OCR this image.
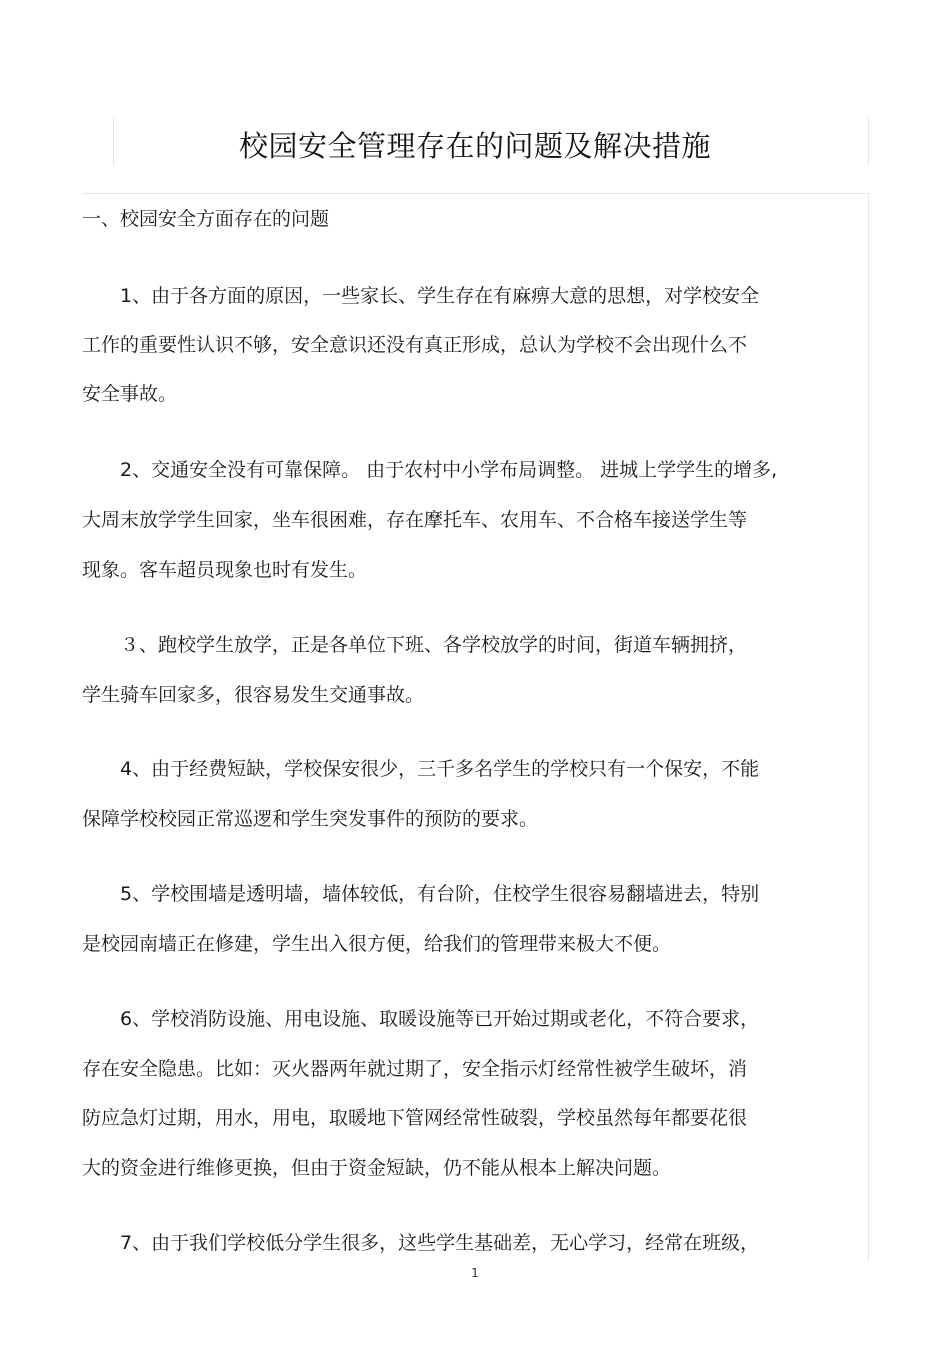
校园安全管理存在的问题及解决措施
一、校园安全方面存在的问题
1、由于各方面的原因，一些家长、学生存在有麻痹大意的思想，对学校安全
工作的重要性认识不够，安全意识还没有真正形成，总认为学校不会出现什么不
安全事故。
2、交通安全没有可靠保障。 由于农村中小学布局调整。 进城上学学生的增多,
大周末放学学生回家，坐车很困难，存在摩托车、农用车、不合格车接送学生等
现象。客车超员现象也时有发生。
３、跑校学生放学，正是各单位下班、各学校放学的时间，街道车辆拥挤，
学生骑车回家多，很容易发生交通事故。
4、由于经费短缺，学校保安很少，三千多名学生的学校只有一个保安，不能
保障学校校园正常巡逻和学生突发事件的预防的要求。
5、学校围墙是透明墙，墙体较低，有台阶，住校学生很容易翻墙进去，特别
是校园南墙正在修建，学生出入很方便，给我们的管理带来极大不便。
6、学校消防设施、用电设施、取暖设施等已开始过期或老化，不符合要求，
存在安全隐患。比如：灭火器两年就过期了，安全指示灯经常性被学生破坏，消
防应急灯过期，用水，用电，取暖地下管网经常性破裂，学校虽然每年都要花很
大的资金进行维修更换，但由于资金短缺，仍不能从根本上解决问题。
7、由于我们学校低分学生很多，这些学生基础差，无心学习，经常在班级，
1
